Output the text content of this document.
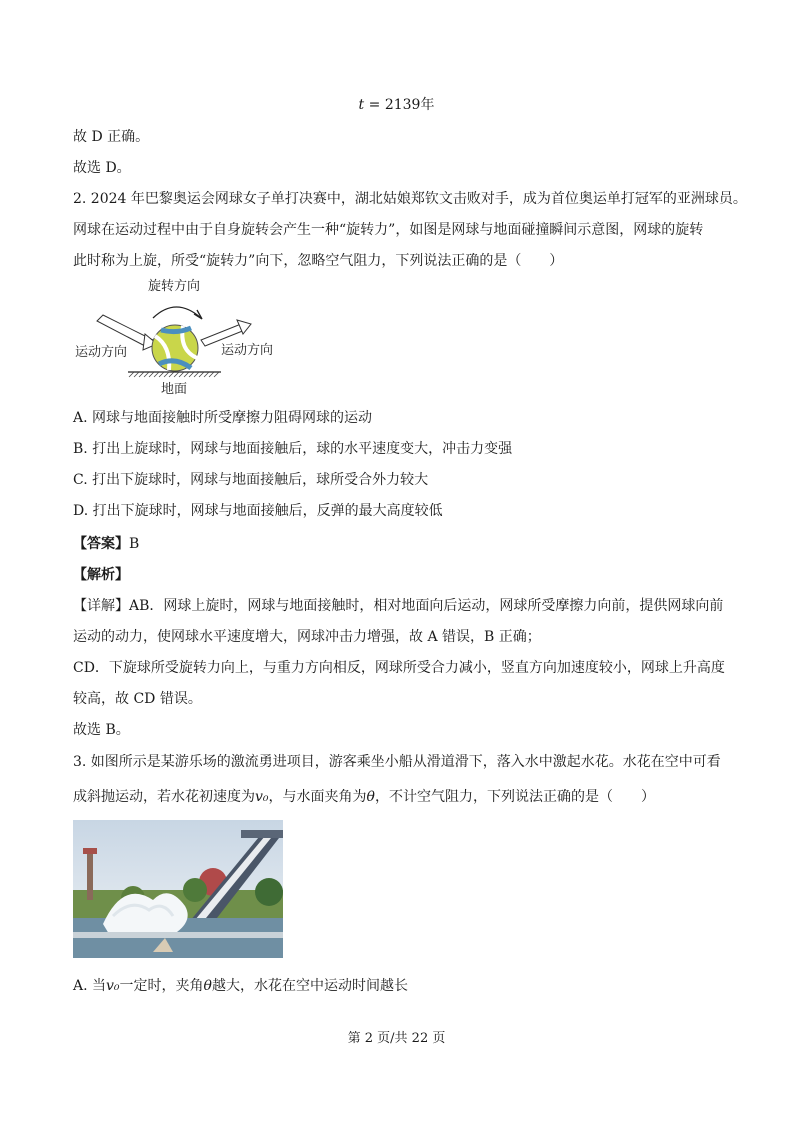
t = 2139年
故 D 正确。
故选 D。
2. 2024 年巴黎奥运会网球女子单打决赛中，湖北姑娘郑钦文击败对手，成为首位奥运单打冠军的亚洲球员。
网球在运动过程中由于自身旋转会产生一种“旋转力”，如图是网球与地面碰撞瞬间示意图，网球的旋转
此时称为上旋，所受“旋转力”向下，忽略空气阻力，下列说法正确的是（　　）
旋转方向
运动方向	运动方向
地面
A. 网球与地面接触时所受摩擦力阻碍网球的运动
B. 打出上旋球时，网球与地面接触后，球的水平速度变大，冲击力变强
C. 打出下旋球时，网球与地面接触后，球所受合外力较大
D. 打出下旋球时，网球与地面接触后，反弹的最大高度较低
【答案】B
【解析】
【详解】AB．网球上旋时，网球与地面接触时，相对地面向后运动，网球所受摩擦力向前，提供网球向前
运动的动力，使网球水平速度增大，网球冲击力增强，故 A 错误，B 正确；
CD．下旋球所受旋转力向上，与重力方向相反，网球所受合力减小，竖直方向加速度较小，网球上升高度
较高，故 CD 错误。
故选 B。
3. 如图所示是某游乐场的激流勇进项目，游客乘坐小船从滑道滑下，落入水中激起水花。水花在空中可看
成斜抛运动，若水花初速度为v₀，与水面夹角为θ，不计空气阻力，下列说法正确的是（　　）
A. 当v₀一定时，夹角θ越大，水花在空中运动时间越长
第 2 页/共 22 页
